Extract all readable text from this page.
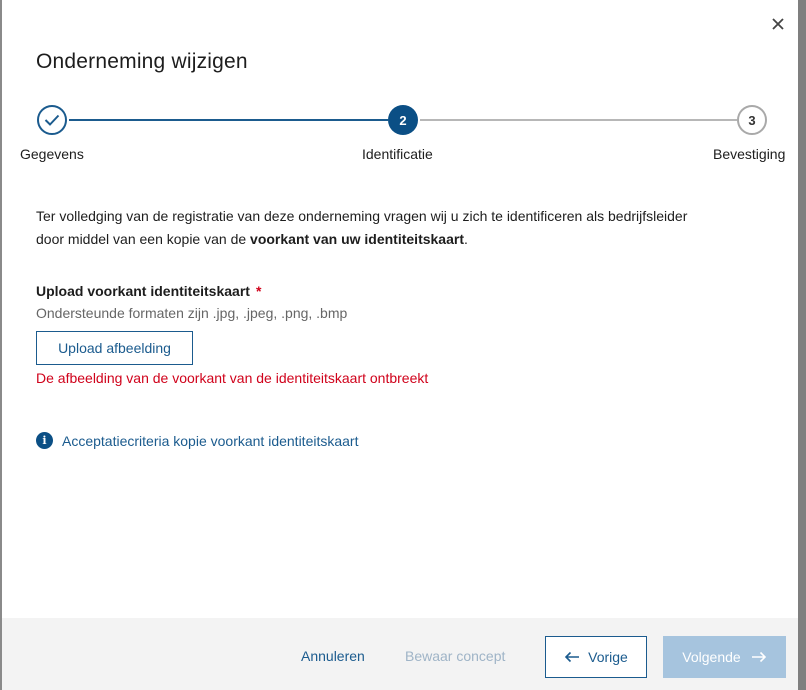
Onderneming wijzigen
2	3
Gegevens	Identificatie	Bevestiging
Ter volledging van de registratie van deze onderneming vragen wij u zich te identificeren als bedrijfsleider
door middel van een kopie van de voorkant van uw identiteitskaart.
Upload voorkant identiteitskaart *
Ondersteunde formaten zijn .jpg, .jpeg, .png, .bmp
Upload afbeelding
De afbeelding van de voorkant van de identiteitskaart ontbreekt
i	Acceptatiecriteria kopie voorkant identiteitskaart
Annuleren	Bewaar concept	Vorige	Volgende
